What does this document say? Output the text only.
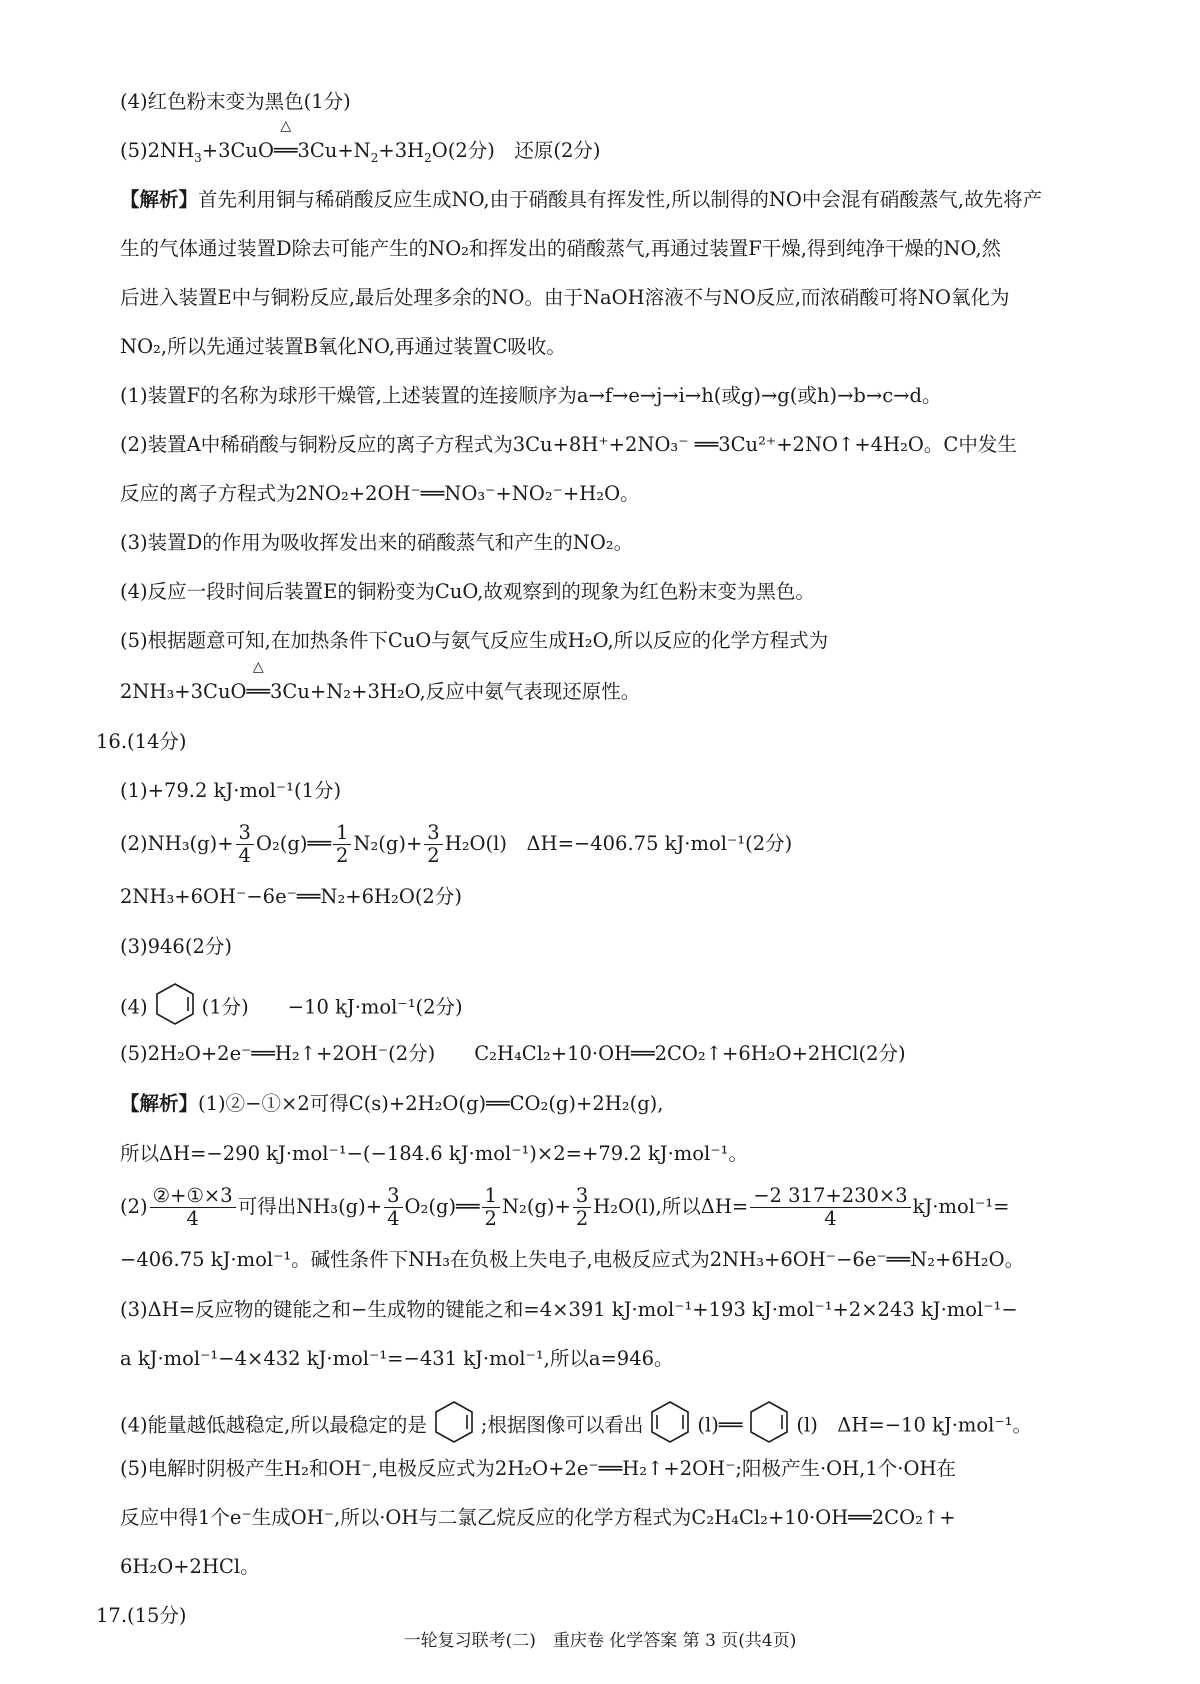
(4)红色粉末变为黑色(1分)
$(5)2NH_3+3CuO$
△
$══3Cu+N_2+3H_2O(2$分)　还原(2分)
【解析】首先利用铜与稀硝酸反应生成NO,由于硝酸具有挥发性,所以制得的NO中会混有硝酸蒸气,故先将产
生的气体通过装置D除去可能产生的NO₂和挥发出的硝酸蒸气,再通过装置F干燥,得到纯净干燥的NO,然
后进入装置E中与铜粉反应,最后处理多余的NO。由于NaOH溶液不与NO反应,而浓硝酸可将NO氧化为
NO₂,所以先通过装置B氧化NO,再通过装置C吸收。
(1)装置F的名称为球形干燥管,上述装置的连接顺序为a→f→e→j→i→h(或g)→g(或h)→b→c→d。
(2)装置A中稀硝酸与铜粉反应的离子方程式为3Cu+8H⁺+2NO₃⁻ ══3Cu²⁺+2NO↑+4H₂O。C中发生
反应的离子方程式为2NO₂+2OH⁻══NO₃⁻+NO₂⁻+H₂O。
(3)装置D的作用为吸收挥发出来的硝酸蒸气和产生的NO₂。
(4)反应一段时间后装置E的铜粉变为CuO,故观察到的现象为红色粉末变为黑色。
(5)根据题意可知,在加热条件下CuO与氨气反应生成H₂O,所以反应的化学方程式为
2NH₃+3CuO
△
══3Cu+N₂+3H₂O,反应中氨气表现还原性。
16.(14分)
(1)+79.2 kJ·mol⁻¹(1分)
$(2)NH_3(g)+ \frac{3}{4}$ O₂(g)══ $\frac{1}{2} N_2(g)+ \frac{3}{2} H_2O(l)$　ΔH=−406.75 kJ·mol⁻¹(2分)
2NH₃+6OH⁻−6e⁻══N₂+6H₂O(2分)
(3)946(2分)
(4)	(1分)　　−10 kJ·mol⁻¹(2分)
(5)2H₂O+2e⁻══H₂↑+2OH⁻(2分)　　C₂H₄Cl₂+10·OH══2CO₂↑+6H₂O+2HCl(2分)
【解析】(1)②−①×2可得C(s)+2H₂O(g)══CO₂(g)+2H₂(g),
所以ΔH=−290 kJ·mol⁻¹−(−184.6 kJ·mol⁻¹)×2=+79.2 kJ·mol⁻¹。
$(2) \frac{\text{②+①×3}}{4}$ 可得出$NH_3(g)+ \frac{3}{4}$ O₂(g)══ $\frac{1}{2} N_2(g)+ \frac{3}{2} H_2O(l)$,所以$\Delta H= \frac{-2 317+230\times 3}{4} kJ\cdot mol^{-1}=$
−406.75 kJ·mol⁻¹。碱性条件下NH₃在负极上失电子,电极反应式为2NH₃+6OH⁻−6e⁻══N₂+6H₂O。
(3)ΔH=反应物的键能之和−生成物的键能之和=4×391 kJ·mol⁻¹+193 kJ·mol⁻¹+2×243 kJ·mol⁻¹−
a kJ·mol⁻¹−4×432 kJ·mol⁻¹=−431 kJ·mol⁻¹,所以a=946。
(4)能量越低越稳定,所以最稳定的是	;根据图像可以看出	(l)══	(l)　ΔH=−10 kJ·mol⁻¹。
(5)电解时阴极产生H₂和OH⁻,电极反应式为2H₂O+2e⁻══H₂↑+2OH⁻;阳极产生·OH,1个·OH在
反应中得1个e⁻生成OH⁻,所以·OH与二氯乙烷反应的化学方程式为C₂H₄Cl₂+10·OH══2CO₂↑+
6H₂O+2HCl。
17.(15分)
一轮复习联考(二)　重庆卷 化学答案 第 3 页(共4页)
